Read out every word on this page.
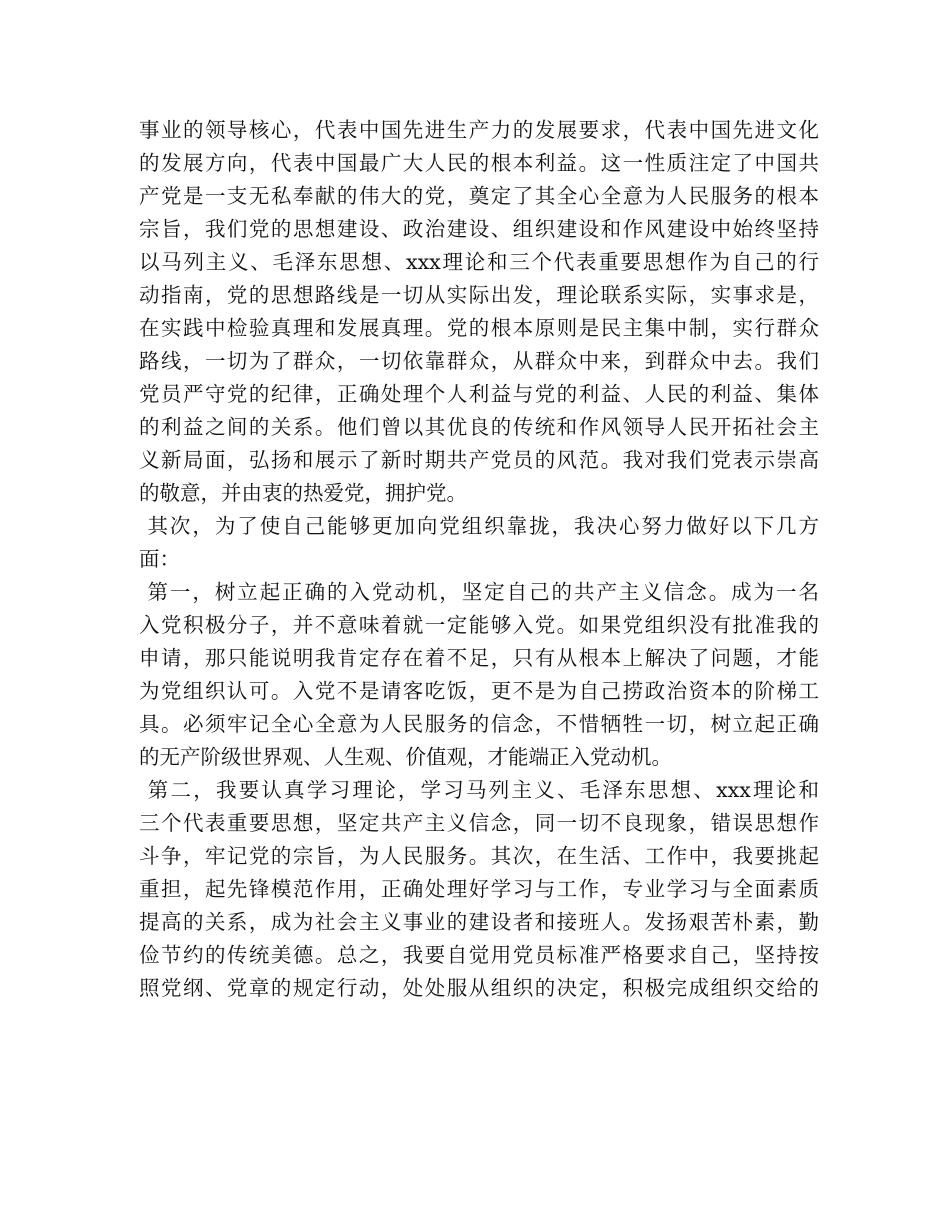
事业的领导核心，代表中国先进生产力的发展要求，代表中国先进文化
的发展方向，代表中国最广大人民的根本利益。这一性质注定了中国共
产党是一支无私奉献的伟大的党，奠定了其全心全意为人民服务的根本
宗旨，我们党的思想建设、政治建设、组织建设和作风建设中始终坚持
以马列主义、毛泽东思想、xxx理论和三个代表重要思想作为自己的行
动指南，党的思想路线是一切从实际出发，理论联系实际，实事求是，
在实践中检验真理和发展真理。党的根本原则是民主集中制，实行群众
路线，一切为了群众，一切依靠群众，从群众中来，到群众中去。我们
党员严守党的纪律，正确处理个人利益与党的利益、人民的利益、集体
的利益之间的关系。他们曾以其优良的传统和作风领导人民开拓社会主
义新局面，弘扬和展示了新时期共产党员的风范。我对我们党表示崇高
的敬意，并由衷的热爱党，拥护党。
其次，为了使自己能够更加向党组织靠拢，我决心努力做好以下几方
面：
第一，树立起正确的入党动机，坚定自己的共产主义信念。成为一名
入党积极分子，并不意味着就一定能够入党。如果党组织没有批准我的
申请，那只能说明我肯定存在着不足，只有从根本上解决了问题，才能
为党组织认可。入党不是请客吃饭，更不是为自己捞政治资本的阶梯工
具。必须牢记全心全意为人民服务的信念，不惜牺牲一切，树立起正确
的无产阶级世界观、人生观、价值观，才能端正入党动机。
第二，我要认真学习理论，学习马列主义、毛泽东思想、xxx理论和
三个代表重要思想，坚定共产主义信念，同一切不良现象，错误思想作
斗争，牢记党的宗旨，为人民服务。其次，在生活、工作中，我要挑起
重担，起先锋模范作用，正确处理好学习与工作，专业学习与全面素质
提高的关系，成为社会主义事业的建设者和接班人。发扬艰苦朴素，勤
俭节约的传统美德。总之，我要自觉用党员标准严格要求自己，坚持按
照党纲、党章的规定行动，处处服从组织的决定，积极完成组织交给的
